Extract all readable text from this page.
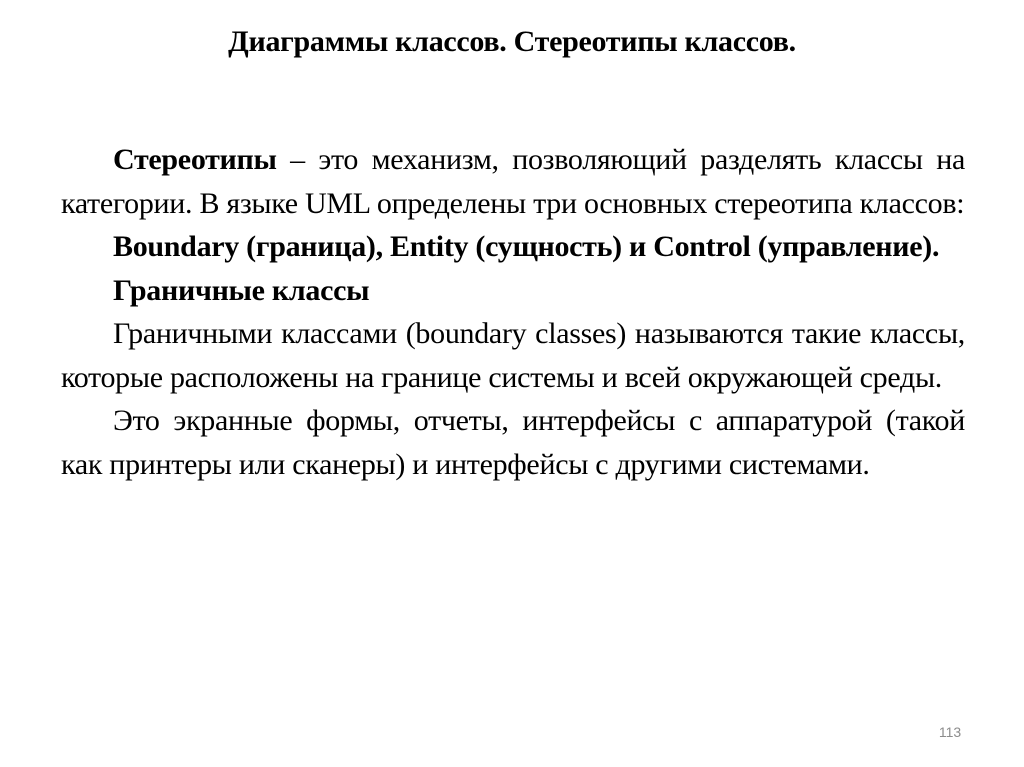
Диаграммы классов. Стереотипы классов.

Стереотипы – это механизм, позволяющий разделять классы на категории. В языке UML определены три основных стереотипа классов:

Boundary (граница), Entity (сущность) и Control (управление).

Граничные классы

Граничными классами (boundary classes) называются такие классы, которые расположены на границе системы и всей окружающей среды.

Это экранные формы, отчеты, интерфейсы с аппаратурой (такой как принтеры или сканеры) и интерфейсы с другими системами.

113
